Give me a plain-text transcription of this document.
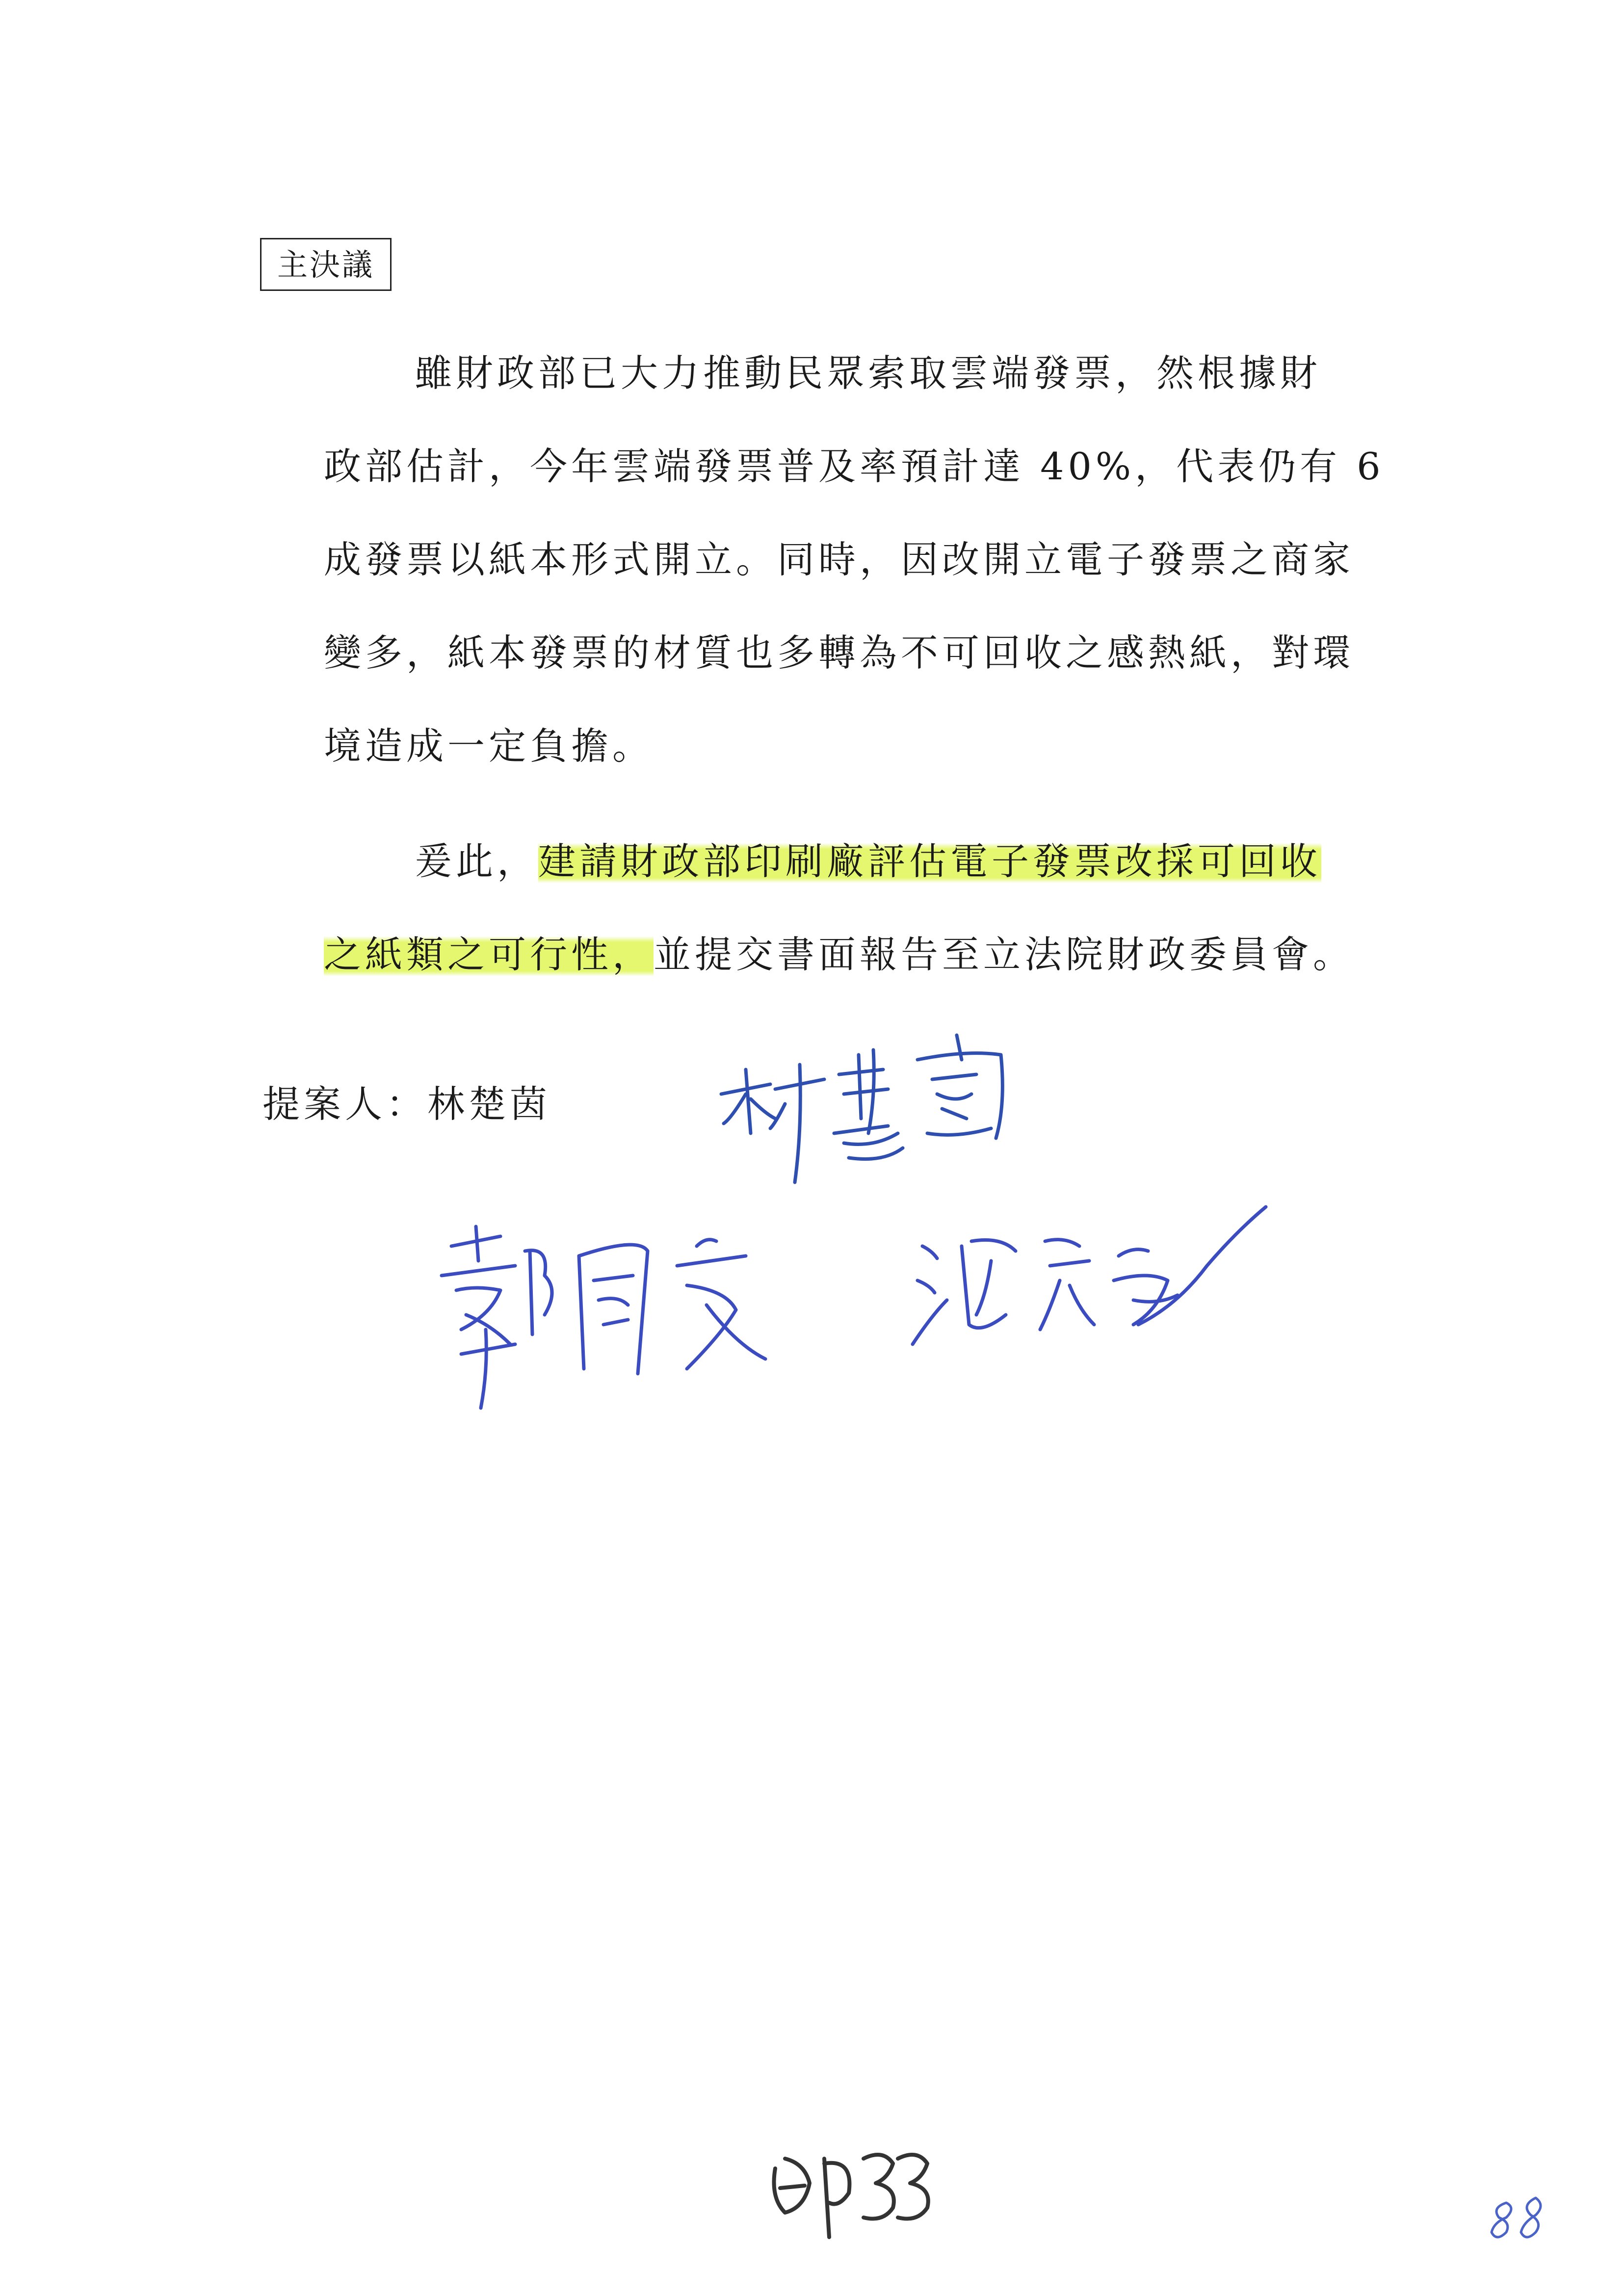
主決議
雖財政部已大力推動民眾索取雲端發票，然根據財
政部估計，今年雲端發票普及率預計達 40%，代表仍有 6
成發票以紙本形式開立。同時，因改開立電子發票之商家
變多，紙本發票的材質也多轉為不可回收之感熱紙，對環
境造成一定負擔。
爰此，建請財政部印刷廠評估電子發票改採可回收
之紙類之可行性，並提交書面報告至立法院財政委員會。
提案人：林楚茵
